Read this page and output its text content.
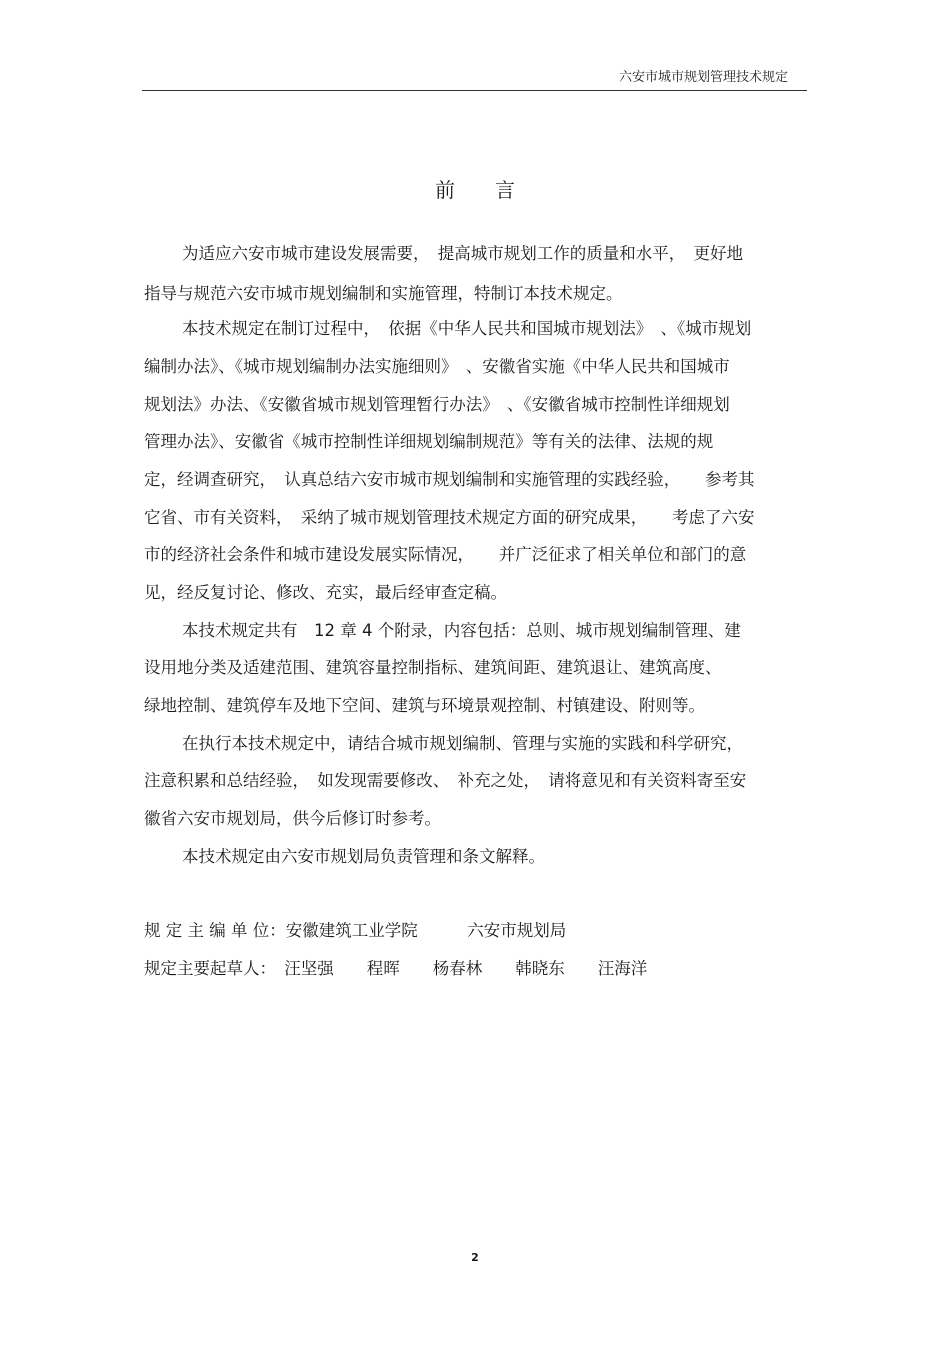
六安市城市规划管理技术规定
前言
为适应六安市城市建设发展需要，　提高城市规划工作的质量和水平，　更好地
指导与规范六安市城市规划编制和实施管理，特制订本技术规定。
本技术规定在制订过程中，　依据《中华人民共和国城市规划法》　、《城市规划
编制办法》、《城市规划编制办法实施细则》　、安徽省实施《中华人民共和国城市
规划法》办法、《安徽省城市规划管理暂行办法》　、《安徽省城市控制性详细规划
管理办法》、安徽省《城市控制性详细规划编制规范》等有关的法律、法规的规
定，经调查研究，　认真总结六安市城市规划编制和实施管理的实践经验，　　参考其
它省、市有关资料，　采纳了城市规划管理技术规定方面的研究成果，　　考虑了六安
市的经济社会条件和城市建设发展实际情况，　　并广泛征求了相关单位和部门的意
见，经反复讨论、修改、充实，最后经审查定稿。
本技术规定共有　12 章 4 个附录，内容包括：总则、城市规划编制管理、建
设用地分类及适建范围、建筑容量控制指标、建筑间距、建筑退让、建筑高度、
绿地控制、建筑停车及地下空间、建筑与环境景观控制、村镇建设、附则等。
在执行本技术规定中，请结合城市规划编制、管理与实施的实践和科学研究，
注意积累和总结经验，　如发现需要修改、　补充之处，　请将意见和有关资料寄至安
徽省六安市规划局，供今后修订时参考。
本技术规定由六安市规划局负责管理和条文解释。
规 定 主 编 单 位：安徽建筑工业学院　　　六安市规划局
规定主要起草人：　汪坚强　　程晖　　杨春林　　韩晓东　　汪海洋
2
